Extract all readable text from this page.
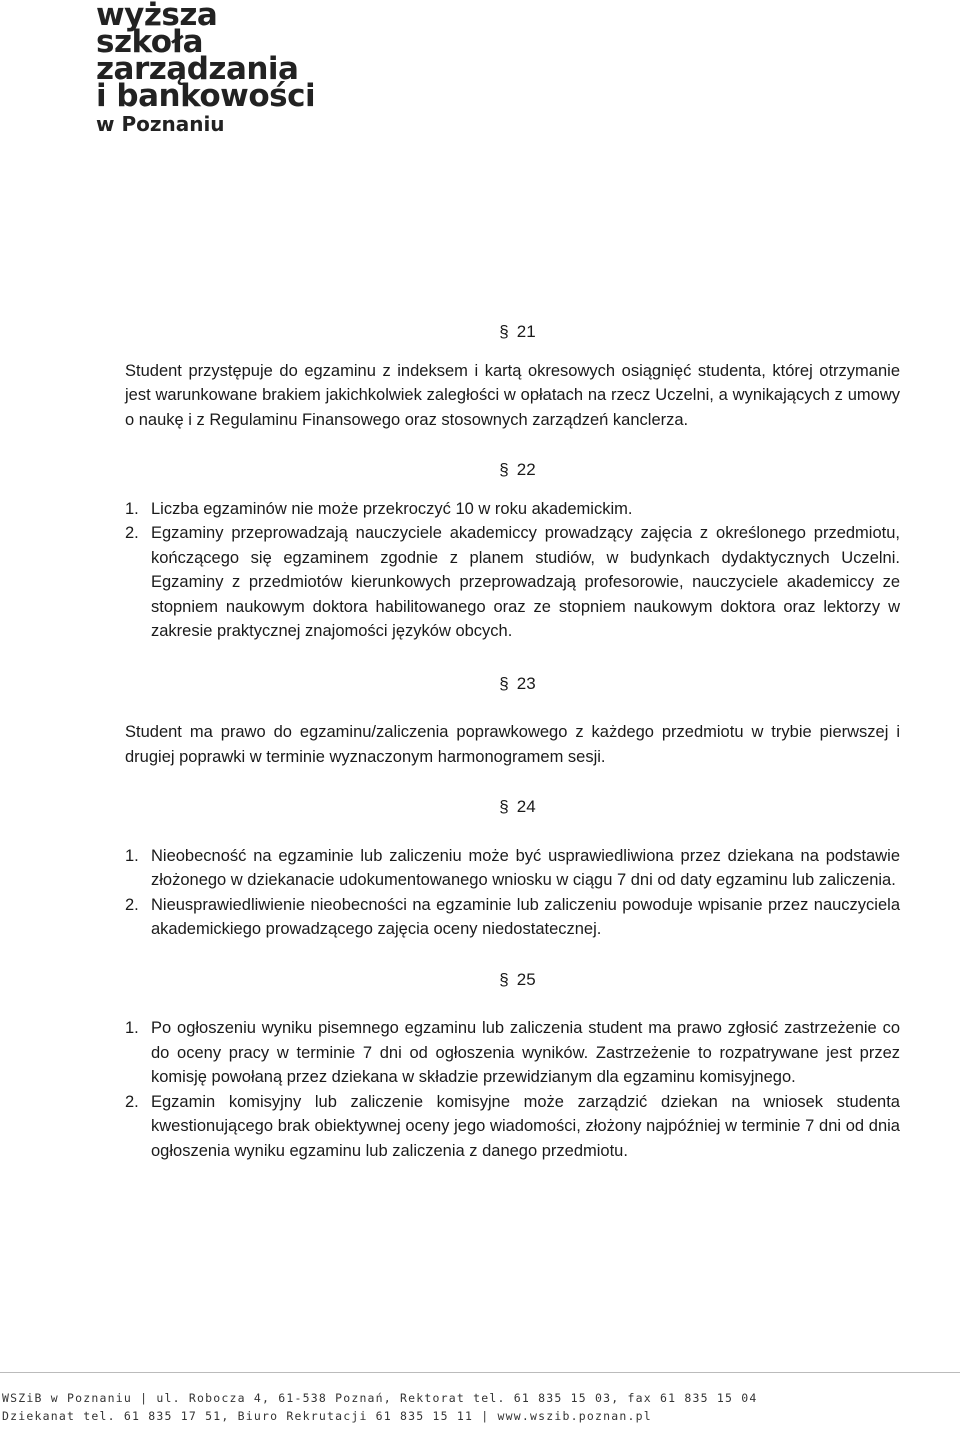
wyższa
szkoła
zarządzania
i bankowości
w Poznaniu
§ 21

Student przystępuje do egzaminu z indeksem i kartą okresowych osiągnięć studenta, której otrzymanie jest warunkowane brakiem jakichkolwiek zaległości w opłatach na rzecz Uczelni, a wynikających z umowy o naukę i z Regulaminu Finansowego oraz stosownych zarządzeń kanclerza.

§ 22
1. Liczba egzaminów nie może przekroczyć 10 w roku akademickim.
2. Egzaminy przeprowadzają nauczyciele akademiccy prowadzący zajęcia z określonego przedmiotu, kończącego się egzaminem zgodnie z planem studiów, w budynkach dydaktycznych Uczelni. Egzaminy z przedmiotów kierunkowych przeprowadzają profesorowie, nauczyciele akademiccy ze stopniem naukowym doktora habilitowanego oraz ze stopniem naukowym doktora oraz lektorzy w zakresie praktycznej znajomości języków obcych.
§ 23

Student ma prawo do egzaminu/zaliczenia poprawkowego z każdego przedmiotu w trybie pierwszej i drugiej poprawki w terminie wyznaczonym harmonogramem sesji.

§ 24
1. Nieobecność na egzaminie lub zaliczeniu może być usprawiedliwiona przez dziekana na podstawie złożonego w dziekanacie udokumentowanego wniosku w ciągu 7 dni od daty egzaminu lub zaliczenia.
2. Nieusprawiedliwienie nieobecności na egzaminie lub zaliczeniu powoduje wpisanie przez nauczyciela akademickiego prowadzącego zajęcia oceny niedostatecznej.
§ 25
1. Po ogłoszeniu wyniku pisemnego egzaminu lub zaliczenia student ma prawo zgłosić zastrzeżenie co do oceny pracy w terminie 7 dni od ogłoszenia wyników. Zastrzeżenie to rozpatrywane jest przez komisję powołaną przez dziekana w składzie przewidzianym dla egzaminu komisyjnego.
2. Egzamin komisyjny lub zaliczenie komisyjne może zarządzić dziekan na wniosek studenta kwestionującego brak obiektywnej oceny jego wiadomości, złożony najpóźniej w terminie 7 dni od dnia ogłoszenia wyniku egzaminu lub zaliczenia z danego przedmiotu.
WSZiB w Poznaniu | ul. Robocza 4, 61-538 Poznań, Rektorat tel. 61 835 15 03, fax 61 835 15 04
Dziekanat tel. 61 835 17 51, Biuro Rekrutacji 61 835 15 11 | www.wszib.poznan.pl
